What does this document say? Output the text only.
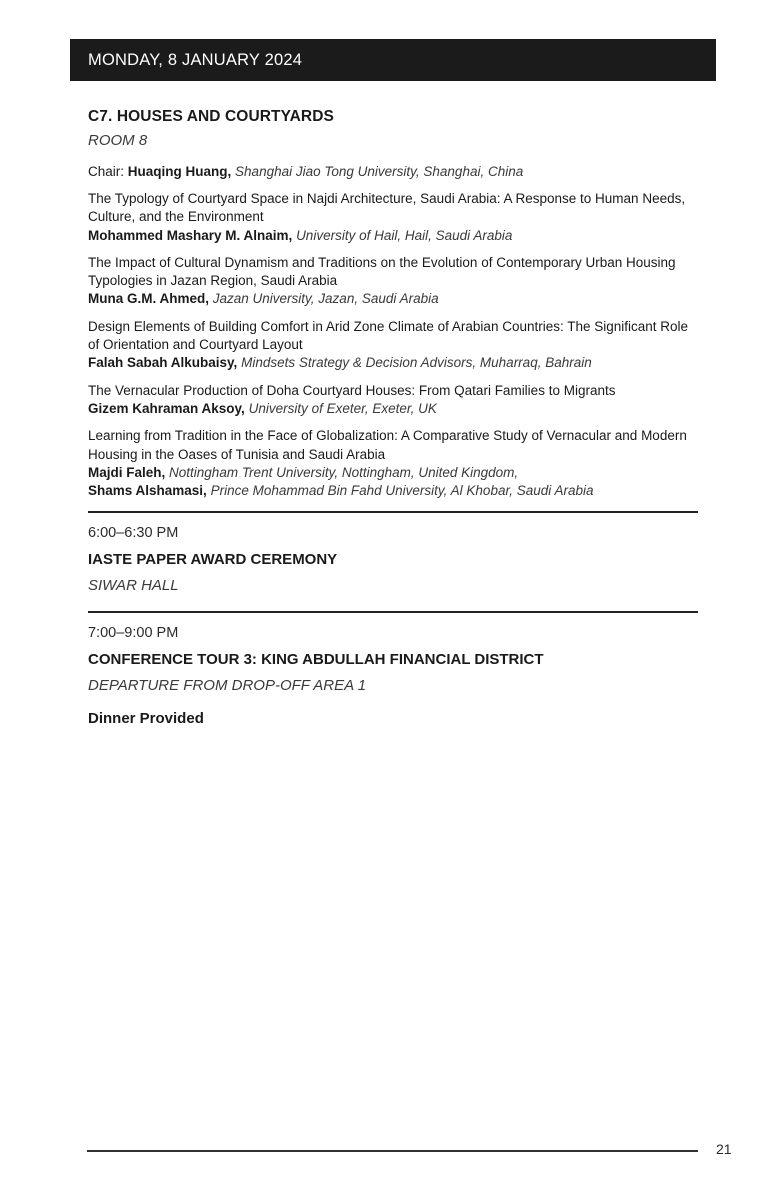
MONDAY, 8 JANUARY 2024
C7. HOUSES AND COURTYARDS
ROOM 8
Chair: Huaqing Huang, Shanghai Jiao Tong University, Shanghai, China
The Typology of Courtyard Space in Najdi Architecture, Saudi Arabia: A Response to Human Needs, Culture, and the Environment
Mohammed Mashary M. Alnaim, University of Hail, Hail, Saudi Arabia
The Impact of Cultural Dynamism and Traditions on the Evolution of Contemporary Urban Housing Typologies in Jazan Region, Saudi Arabia
Muna G.M. Ahmed, Jazan University, Jazan, Saudi Arabia
Design Elements of Building Comfort in Arid Zone Climate of Arabian Countries: The Significant Role of Orientation and Courtyard Layout
Falah Sabah Alkubaisy, Mindsets Strategy & Decision Advisors, Muharraq, Bahrain
The Vernacular Production of Doha Courtyard Houses: From Qatari Families to Migrants
Gizem Kahraman Aksoy, University of Exeter, Exeter, UK
Learning from Tradition in the Face of Globalization: A Comparative Study of Vernacular and Modern Housing in the Oases of Tunisia and Saudi Arabia
Majdi Faleh, Nottingham Trent University, Nottingham, United Kingdom,
Shams Alshamasi, Prince Mohammad Bin Fahd University, Al Khobar, Saudi Arabia
6:00–6:30 PM
IASTE PAPER AWARD CEREMONY
SIWAR HALL
7:00–9:00 PM
CONFERENCE TOUR 3: KING ABDULLAH FINANCIAL DISTRICT
DEPARTURE FROM DROP-OFF AREA 1
Dinner Provided
21
